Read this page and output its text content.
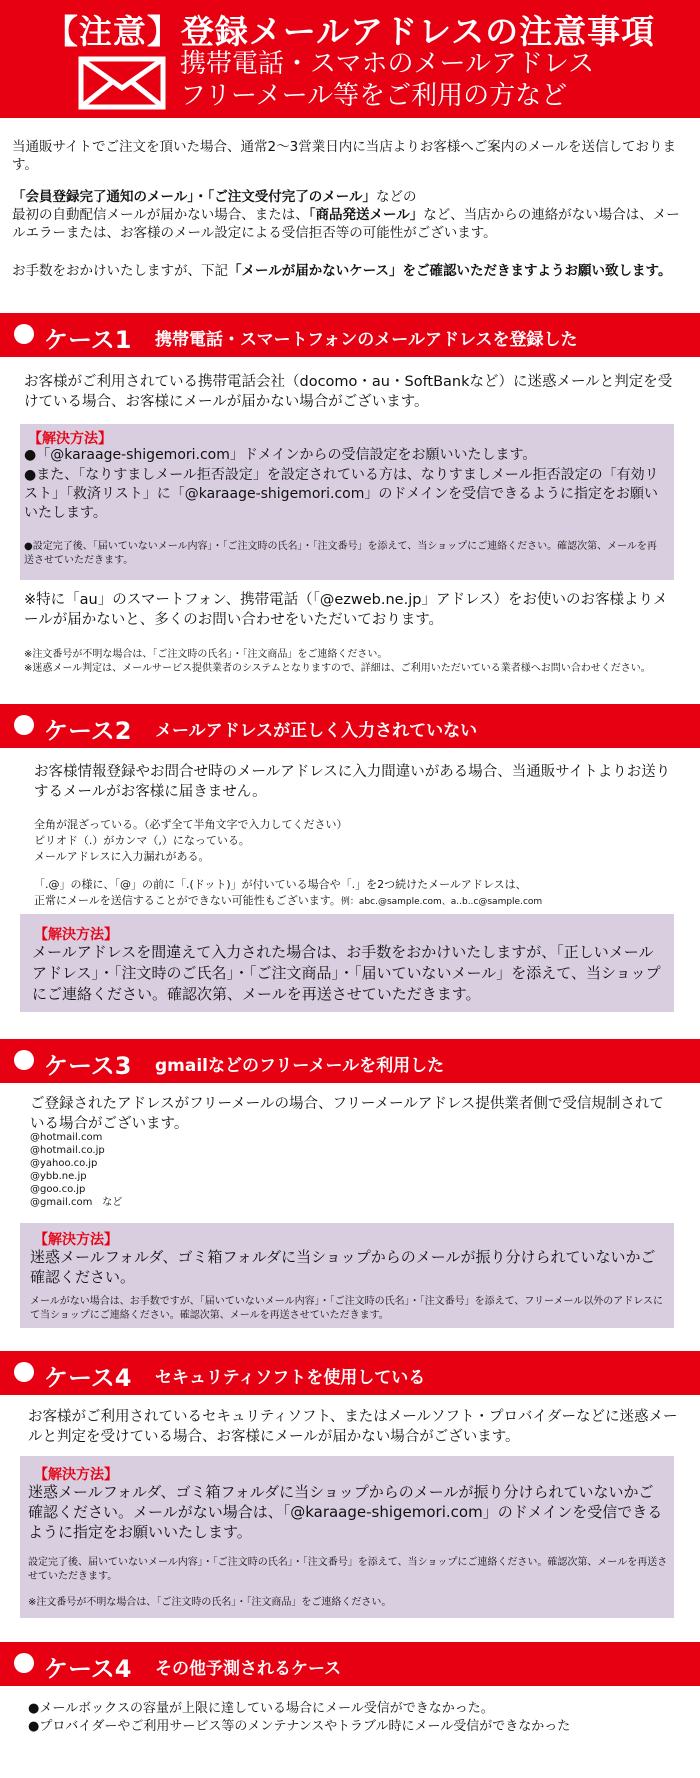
【注意】登録メールアドレスの注意事項
携帯電話・スマホのメールアドレス
フリーメール等をご利用の方など
当通販サイトでご注文を頂いた場合、通常2〜3営業日内に当店よりお客様へご案内のメールを送信しております。
「会員登録完了通知のメール」・「ご注文受付完了のメール」などの
最初の自動配信メールが届かない場合、または、「商品発送メール」など、当店からの連絡がない場合は、メールエラーまたは、お客様のメール設定による受信拒否等の可能性がございます。
お手数をおかけいたしますが、下記「メールが届かないケース」をご確認いただきますようお願い致します。
ケース1 携帯電話・スマートフォンのメールアドレスを登録した
お客様がご利用されている携帯電話会社（docomo・au・SoftBankなど）に迷惑メールと判定を受けている場合、お客様にメールが届かない場合がございます。
【解決方法】
●「@karaage-shigemori.com」ドメインからの受信設定をお願いいたします。
●また、「なりすましメール拒否設定」を設定されている方は、なりすましメール拒否設定の「有効リスト」「救済リスト」に「@karaage-shigemori.com」のドメインを受信できるように指定をお願いいたします。
●設定完了後、「届いていないメール内容」・「ご注文時の氏名」・「注文番号」を添えて、当ショップにご連絡ください。確認次第、メールを再送させていただきます。
※特に「au」のスマートフォン、携帯電話（「@ezweb.ne.jp」アドレス）をお使いのお客様よりメールが届かないと、多くのお問い合わせをいただいております。
※注文番号が不明な場合は、「ご注文時の氏名」・「注文商品」をご連絡ください。
※迷惑メール判定は、メールサービス提供業者のシステムとなりますので、詳細は、ご利用いただいている業者様へお問い合わせください。
ケース2 メールアドレスが正しく入力されていない
お客様情報登録やお問合せ時のメールアドレスに入力間違いがある場合、当通販サイトよりお送りするメールがお客様に届きません。
全角が混ざっている。（必ず全て半角文字で入力してください）
ピリオド（.）がカンマ（,）になっている。
メールアドレスに入力漏れがある。
「.@」の様に、「@」の前に「.(ドット)」が付いている場合や「.」を2つ続けたメールアドレスは、
正常にメールを送信することができない可能性もございます。例：abc.@sample.com、a..b..c@sample.com
【解決方法】
メールアドレスを間違えて入力された場合は、お手数をおかけいたしますが、「正しいメールアドレス」・「注文時のご氏名」・「ご注文商品」・「届いていないメール」を添えて、当ショップにご連絡ください。確認次第、メールを再送させていただきます。
ケース3 gmailなどのフリーメールを利用した
ご登録されたアドレスがフリーメールの場合、フリーメールアドレス提供業者側で受信規制されている場合がございます。
@hotmail.com
@hotmail.co.jp
@yahoo.co.jp
@ybb.ne.jp
@goo.co.jp
@gmail.com　など
【解決方法】
迷惑メールフォルダ、ゴミ箱フォルダに当ショップからのメールが振り分けられていないかご確認ください。
メールがない場合は、お手数ですが、「届いていないメール内容」・「ご注文時の氏名」・「注文番号」を添えて、フリーメール以外のアドレスにて当ショップにご連絡ください。確認次第、メールを再送させていただきます。
ケース4 セキュリティソフトを使用している
お客様がご利用されているセキュリティソフト、またはメールソフト・プロバイダーなどに迷惑メールと判定を受けている場合、お客様にメールが届かない場合がございます。
【解決方法】
迷惑メールフォルダ、ゴミ箱フォルダに当ショップからのメールが振り分けられていないかご確認ください。メールがない場合は、「@karaage-shigemori.com」のドメインを受信できるように指定をお願いいたします。
設定完了後、届いていないメール内容」・「ご注文時の氏名」・「注文番号」を添えて、当ショップにご連絡ください。確認次第、メールを再送させていただきます。
※注文番号が不明な場合は、「ご注文時の氏名」・「注文商品」をご連絡ください。
ケース4 その他予測されるケース
●メールボックスの容量が上限に達している場合にメール受信ができなかった。
●プロバイダーやご利用サービス等のメンテナンスやトラブル時にメール受信ができなかった
